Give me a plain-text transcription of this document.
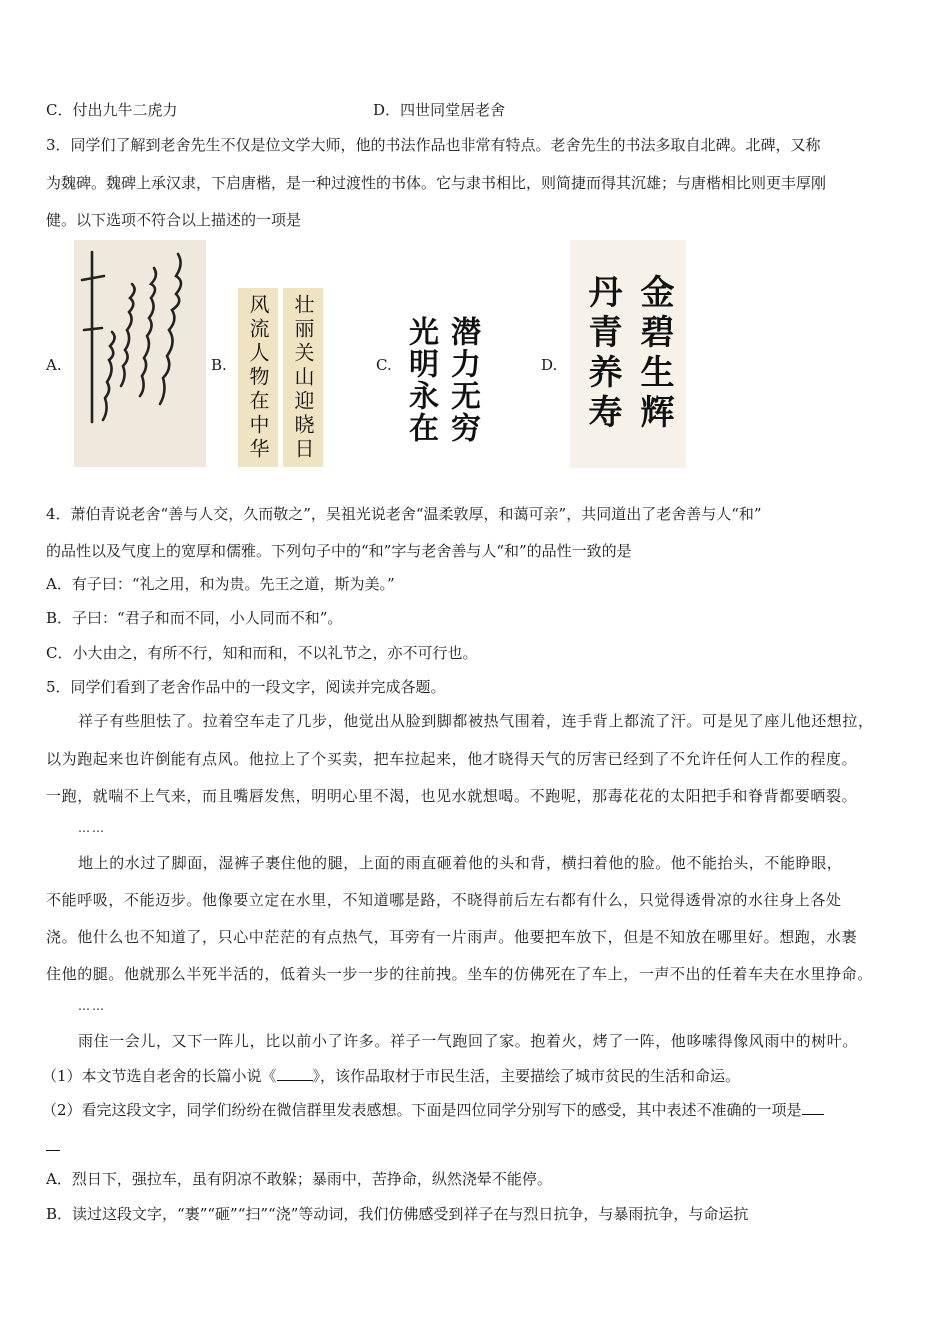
C．付出九牛二虎力	D．四世同堂居老舍
3．同学们了解到老舍先生不仅是位文学大师，他的书法作品也非常有特点。老舍先生的书法多取自北碑。北碑，又称
为魏碑。魏碑上承汉隶，下启唐楷，是一种过渡性的书体。它与隶书相比，则简捷而得其沉雄；与唐楷相比则更丰厚刚
健。以下选项不符合以上描述的一项是
A.	B. 风流人物在中华 壮丽关山迎晓日	C. 光明永在 潜力无穷	D. 丹青养寿 金碧生辉
4．萧伯青说老舍“善与人交，久而敬之”，吴祖光说老舍“温柔敦厚，和蔼可亲”，共同道出了老舍善与人“和”
的品性以及气度上的宽厚和儒雅。下列句子中的“和”字与老舍善与人“和”的品性一致的是
A．有子曰：“礼之用，和为贵。先王之道，斯为美。”
B．子曰：“君子和而不同，小人同而不和”。
C．小大由之，有所不行，知和而和，不以礼节之，亦不可行也。
5．同学们看到了老舍作品中的一段文字，阅读并完成各题。
祥子有些胆怯了。拉着空车走了几步，他觉出从脸到脚都被热气围着，连手背上都流了汗。可是见了座儿他还想拉，
以为跑起来也许倒能有点风。他拉上了个买卖，把车拉起来，他才晓得天气的厉害已经到了不允许任何人工作的程度。
一跑，就喘不上气来，而且嘴唇发焦，明明心里不渴，也见水就想喝。不跑呢，那毒花花的太阳把手和脊背都要晒裂。
……
地上的水过了脚面，湿裤子裹住他的腿，上面的雨直砸着他的头和背，横扫着他的脸。他不能抬头，不能睁眼，
不能呼吸，不能迈步。他像要立定在水里，不知道哪是路，不晓得前后左右都有什么，只觉得透骨凉的水往身上各处
浇。他什么也不知道了，只心中茫茫的有点热气，耳旁有一片雨声。他要把车放下，但是不知放在哪里好。想跑，水裹
住他的腿。他就那么半死半活的，低着头一步一步的往前拽。坐车的仿佛死在了车上，一声不出的任着车夫在水里挣命。
……
雨住一会儿，又下一阵儿，比以前小了许多。祥子一气跑回了家。抱着火，烤了一阵，他哆嗦得像风雨中的树叶。
（1）本文节选自老舍的长篇小说《 》，该作品取材于市民生活，主要描绘了城市贫民的生活和命运。
（2）看完这段文字，同学们纷纷在微信群里发表感想。下面是四位同学分别写下的感受，其中表述不准确的一项是
A．烈日下，强拉车，虽有阴凉不敢躲；暴雨中，苦挣命，纵然浇晕不能停。
B．读过这段文字，“裹”“砸”“扫”“浇”等动词，我们仿佛感受到祥子在与烈日抗争，与暴雨抗争，与命运抗
